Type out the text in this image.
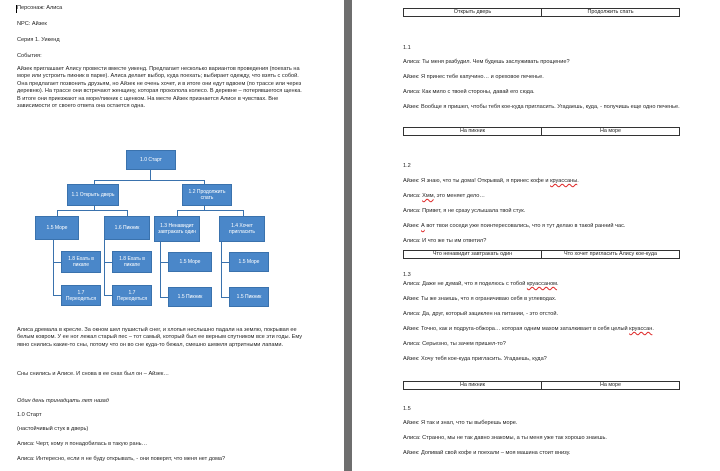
Персонаж: Алиса
NPC: Айзек
Серия 1. Уикенд
События:
Айзек приглашает Алису провести вместе уикенд. Предлагает несколько вариантов проведения (поехать на море или устроить пикник в парке). Алиса делает выбор, куда поехать; выбирает одежду, что взять с собой. Она предлагает позвонить друзьям, но Айзек не очень хочет, и в итоге они едут вдвоем (по трассе или через деревню). На трассе они встречают женщину, которая проколола колесо. В деревне – потерявшегося щенка. В итоге они приезжают на море/пикник с щенком. На месте Айзек признается Алисе в чувствах. Вне зависимости от своего ответа она остается одна.
1.0 Старт
1.1 Открыть дверь	1.2 Продолжить спать
1.5 Море	1.6 Пикник	1.3 Ненавидит завтракать один
1.4 Хочет пригласить
1.8 Ехать в пикапе
1.8 Ехать в пикапе	1.5 Море	1.5 Море
1.7 Переодеться
1.7 Переодеться	1.5 Пикник	1.5 Пикник
Алиса дремала в кресле. За окном шел пушистый снег, и хлопья неслышно падали на землю, покрывая ее белым ковром. У ее ног лежал старый пес – тот самый, который был ее верным спутником все эти годы. Ему явно снились какие-то сны, потому что он во сне куда-то бежал, смешно шевеля артритными лапами.
Сны снились и Алисе. И снова в ее снах был он – Айзек…
Один день тринадцать лет назад
1.0 Старт
(настойчивый стук в дверь)
Алиса: Черт, кому я понадобилась в такую рань…
Алиса: Интересно, если я не буду открывать, - они поверят, что меня нет дома?
Открыть дверь	Продолжить спать
1.1
Алиса: Ты меня разбудил. Чем будешь заслуживать прощение?
Айзек: Я принес тебе капучино… и ореховое печенье.
Алиса: Как мило с твоей стороны, давай его сюда.
Айзек: Вообще я пришел, чтобы тебя кое-куда пригласить. Угадаешь, куда, - получишь еще одно печенье.
На пикник	На море
1.2
Айзек: Я знаю, что ты дома! Открывай, я принес кофе и круассаны.
Алиса: Хмм, это меняет дело…
Алиса: Привет, я не сразу услышала твой стук.
Айзек: А вот твои соседи уже поинтересовались, что я тут делаю в такой ранний час.
Алиса: И что же ты им ответил?
Что ненавидит завтракать один	Что хочет пригласить Алису кое-куда
1.3
Алиса: Даже не думай, что я поделюсь с тобой круассаном.
Айзек: Ты же знаешь, что я ограничиваю себя в углеводах.
Алиса: Да, друг, который зациклен на питании, - это отстой.
Айзек: Точно, как и подруга-обжора… которая одним махом заталкивает в себя целый круассан.
Алиса: Серьезно, ты зачем пришел-то?
Айзек: Хочу тебя кое-куда пригласить. Угадаешь, куда?
На пикник	На море
1.5
Айзек: Я так и знал, что ты выберешь море.
Алиса: Странно, мы не так давно знакомы, а ты меня уже так хорошо знаешь.
Айзек: Допивай свой кофе и поехали – моя машина стоит внизу.
